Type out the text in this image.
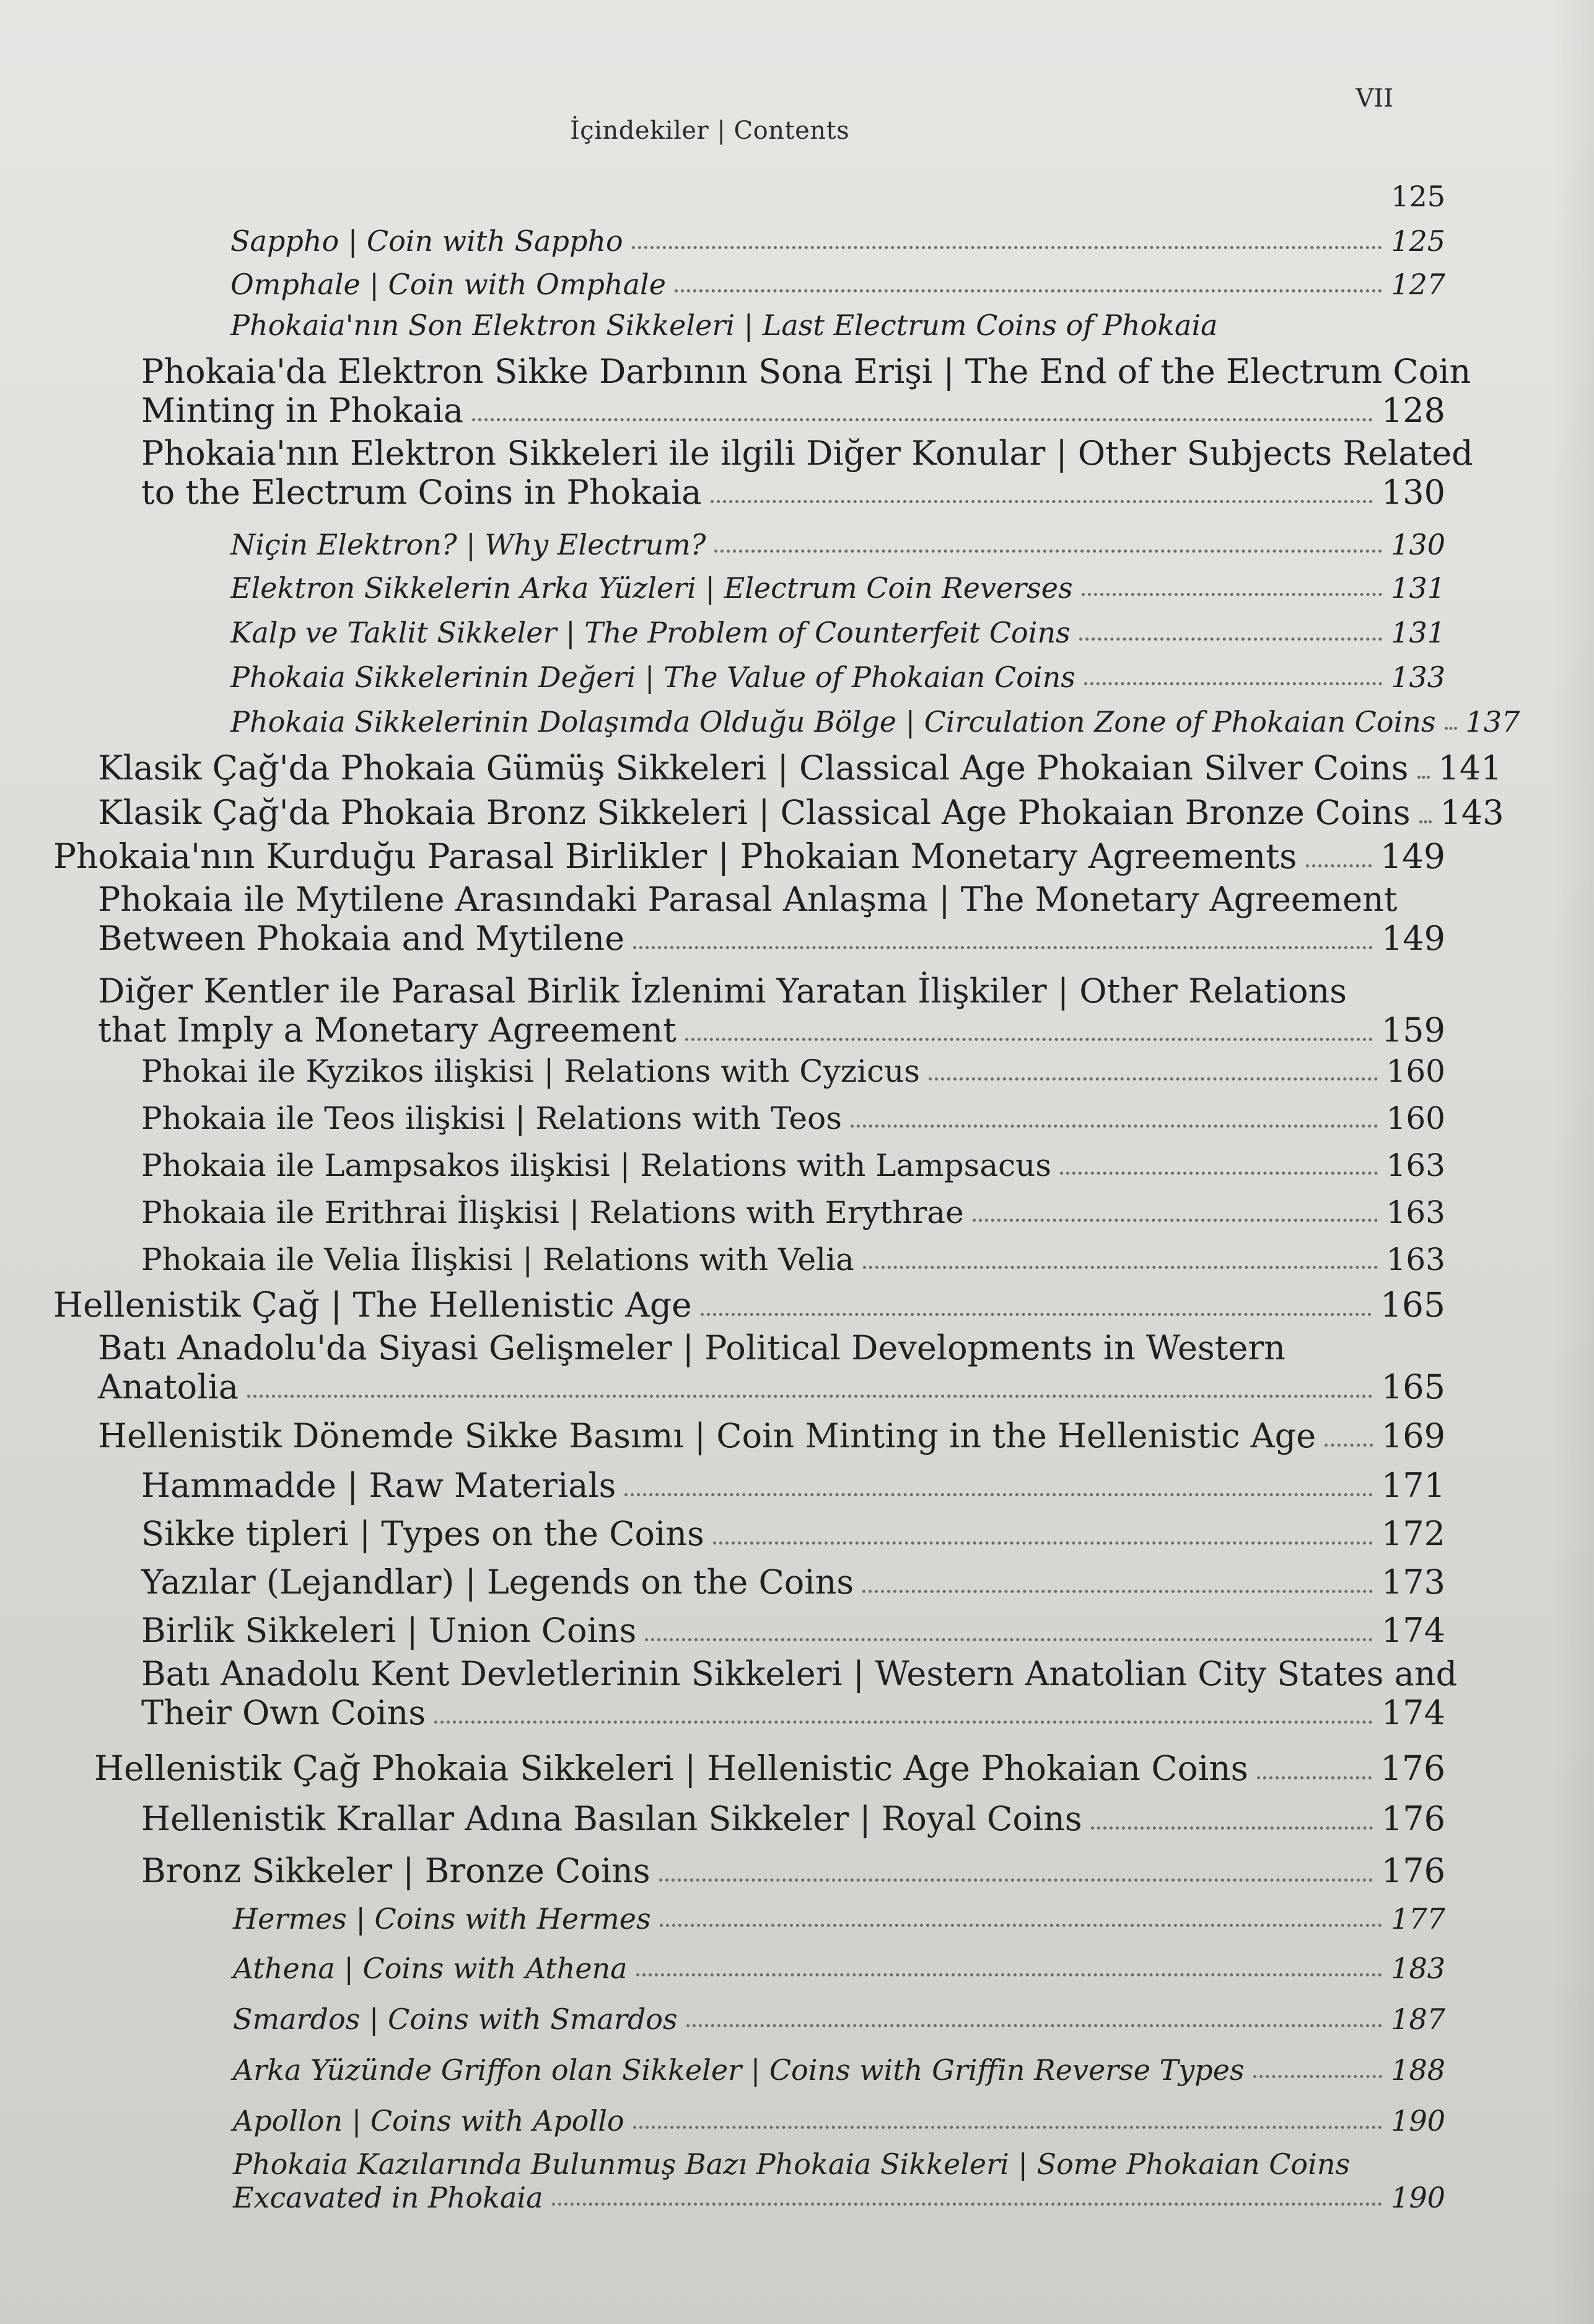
İçindekiler | Contents
VII
125
Sappho | Coin with Sappho	125
Omphale | Coin with Omphale	127
Phokaia'nın Son Elektron Sikkeleri | Last Electrum Coins of Phokaia
Phokaia'da Elektron Sikke Darbının Sona Erişi | The End of the Electrum Coin
Minting in Phokaia	128
Phokaia'nın Elektron Sikkeleri ile ilgili Diğer Konular | Other Subjects Related
to the Electrum Coins in Phokaia	130
Niçin Elektron? | Why Electrum?	130
Elektron Sikkelerin Arka Yüzleri | Electrum Coin Reverses	131
Kalp ve Taklit Sikkeler | The Problem of Counterfeit Coins	131
Phokaia Sikkelerinin Değeri | The Value of Phokaian Coins	133
Phokaia Sikkelerinin Dolaşımda Olduğu Bölge | Circulation Zone of Phokaian Coins 137
Klasik Çağ'da Phokaia Gümüş Sikkeleri | Classical Age Phokaian Silver Coins 141
Klasik Çağ'da Phokaia Bronz Sikkeleri | Classical Age Phokaian Bronze Coins 143
Phokaia'nın Kurduğu Parasal Birlikler | Phokaian Monetary Agreements 149
Phokaia ile Mytilene Arasındaki Parasal Anlaşma | The Monetary Agreement
Between Phokaia and Mytilene	149
Diğer Kentler ile Parasal Birlik İzlenimi Yaratan İlişkiler | Other Relations
that Imply a Monetary Agreement	159
Phokai ile Kyzikos ilişkisi | Relations with Cyzicus	160
Phokaia ile Teos ilişkisi | Relations with Teos	160
Phokaia ile Lampsakos ilişkisi | Relations with Lampsacus	163
Phokaia ile Erithrai İlişkisi | Relations with Erythrae	163
Phokaia ile Velia İlişkisi | Relations with Velia	163
Hellenistik Çağ | The Hellenistic Age	165
Batı Anadolu'da Siyasi Gelişmeler | Political Developments in Western
Anatolia	165
Hellenistik Dönemde Sikke Basımı | Coin Minting in the Hellenistic Age 169
Hammadde | Raw Materials	171
Sikke tipleri | Types on the Coins	172
Yazılar (Lejandlar) | Legends on the Coins	173
Birlik Sikkeleri | Union Coins	174
Batı Anadolu Kent Devletlerinin Sikkeleri | Western Anatolian City States and
Their Own Coins	174
Hellenistik Çağ Phokaia Sikkeleri | Hellenistic Age Phokaian Coins	176
Hellenistik Krallar Adına Basılan Sikkeler | Royal Coins	176
Bronz Sikkeler | Bronze Coins	176
Hermes | Coins with Hermes	177
Athena | Coins with Athena	183
Smardos | Coins with Smardos	187
Arka Yüzünde Griffon olan Sikkeler | Coins with Griffin Reverse Types	188
Apollon | Coins with Apollo	190
Phokaia Kazılarında Bulunmuş Bazı Phokaia Sikkeleri | Some Phokaian Coins
Excavated in Phokaia	190
